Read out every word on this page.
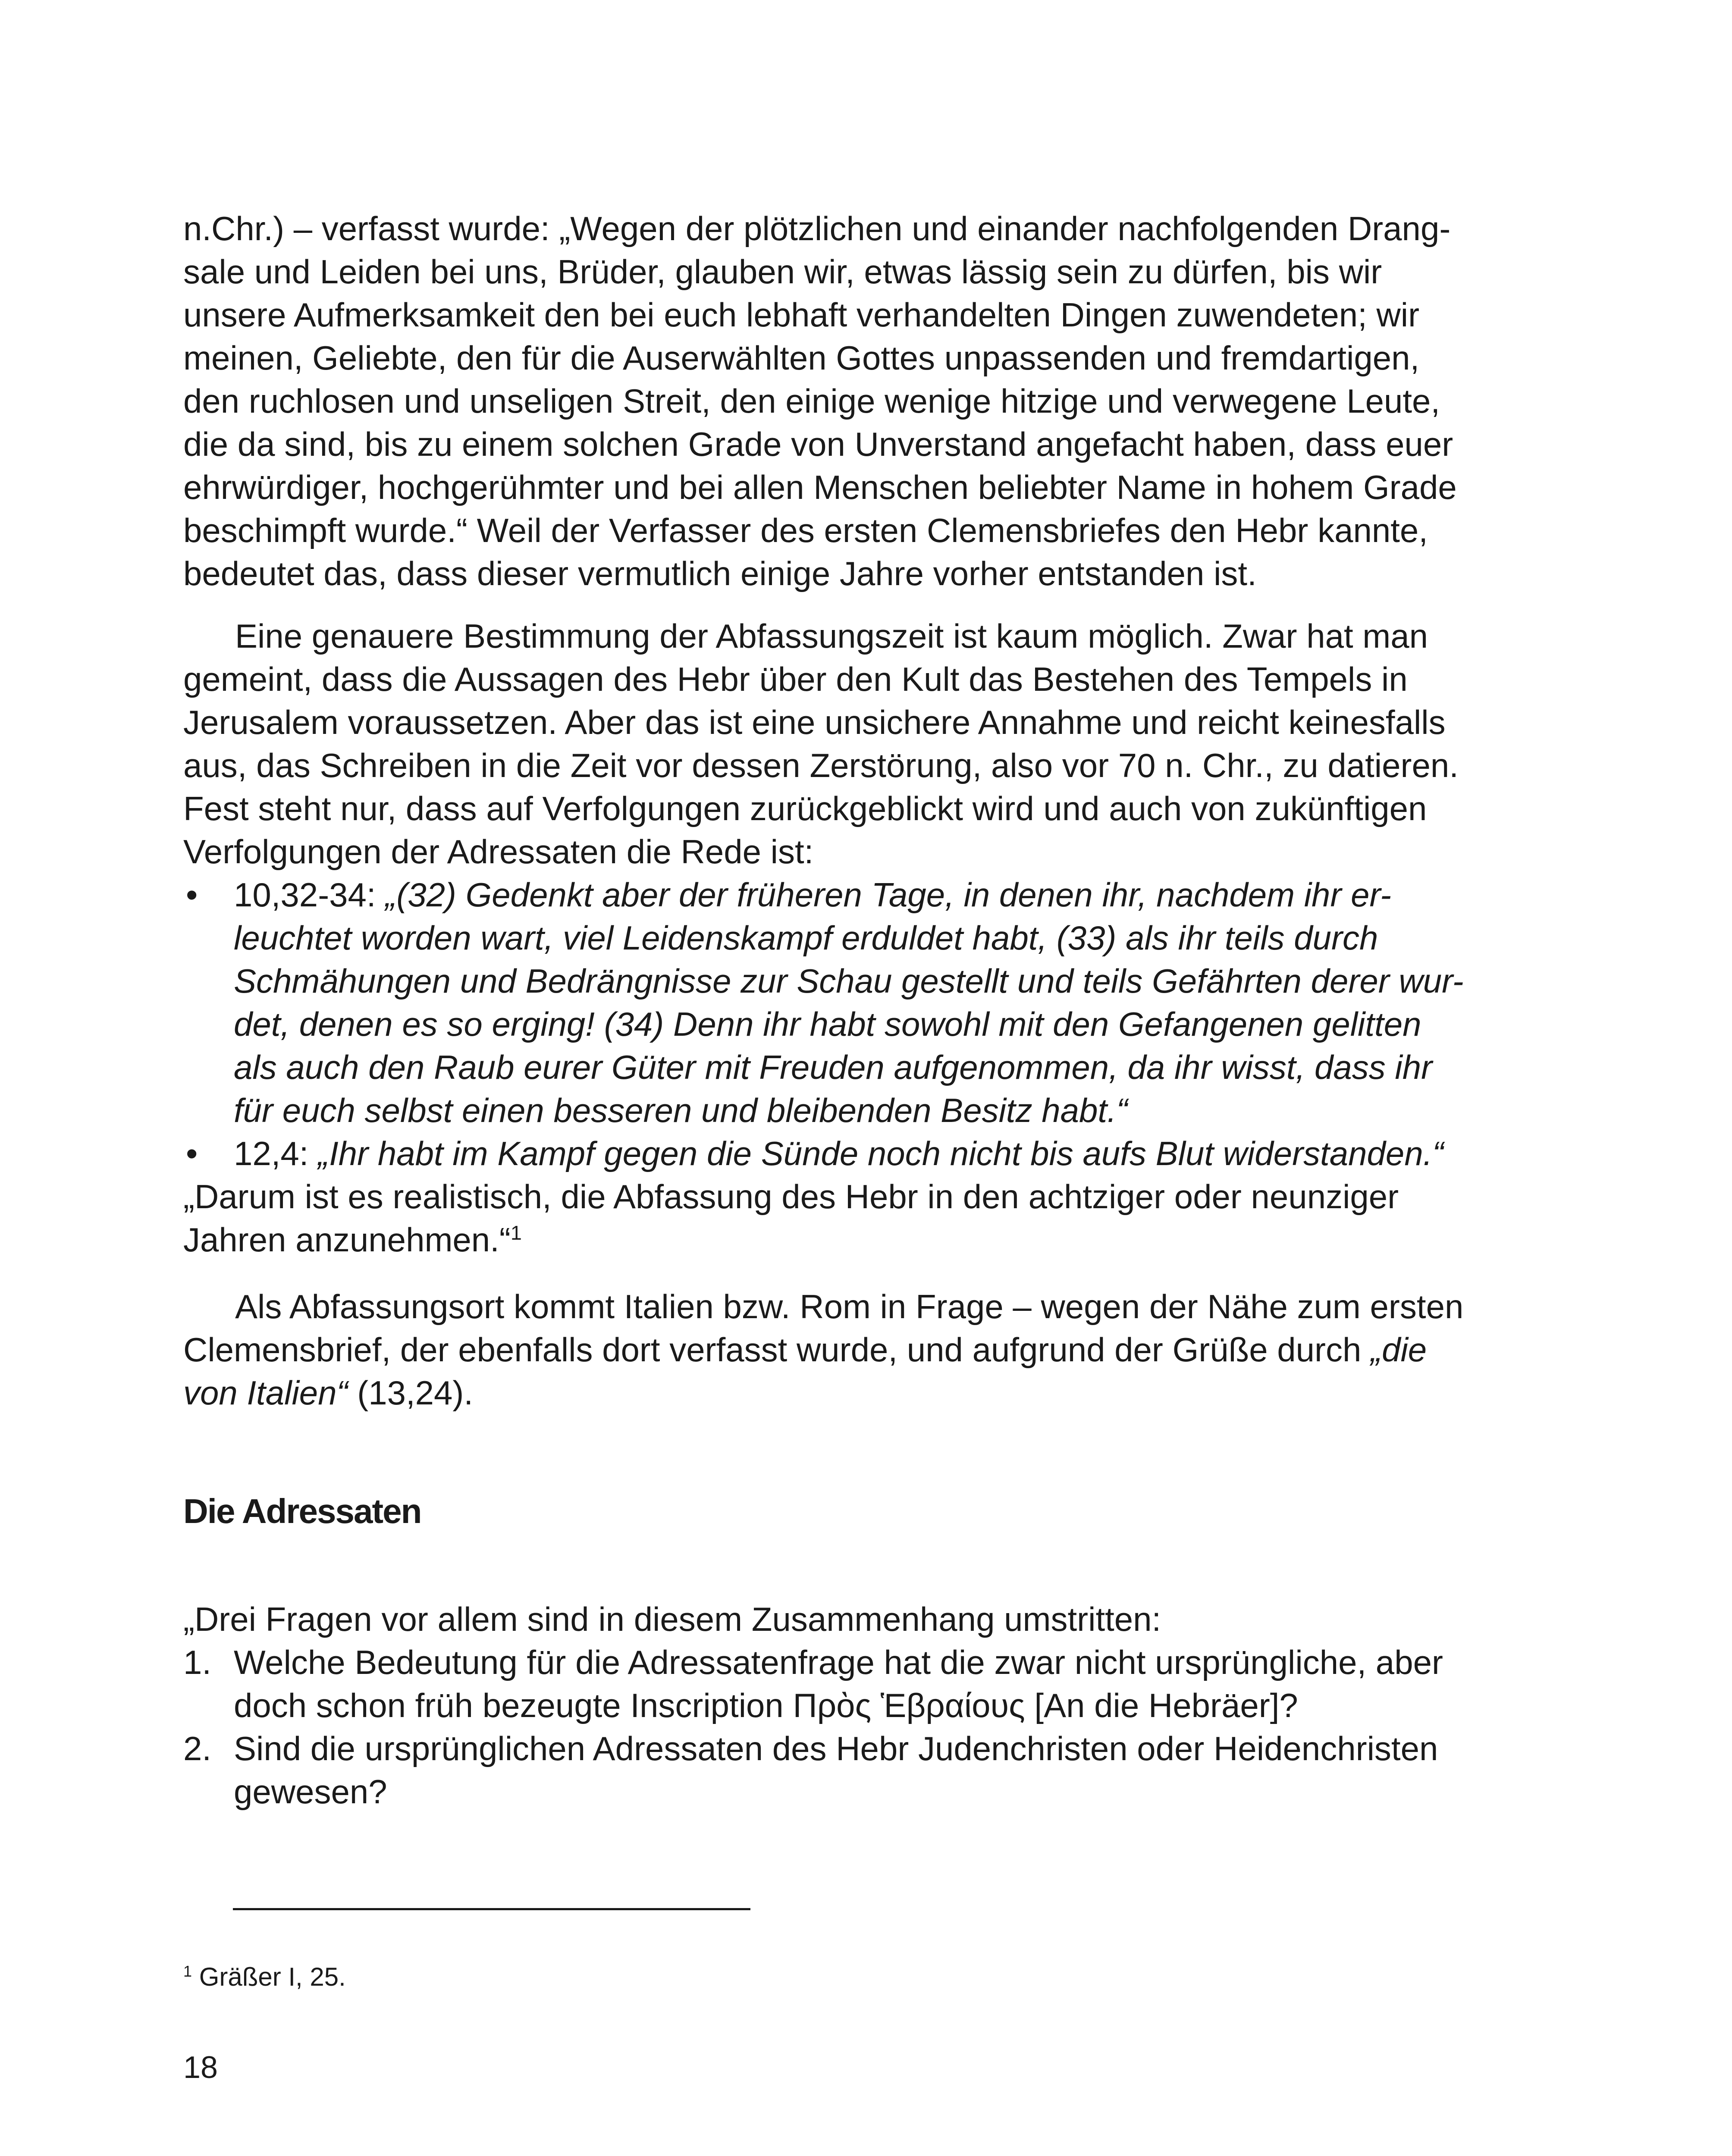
n.Chr.) – verfasst wurde: „Wegen der plötzlichen und einander nachfolgenden Drang-
sale und Leiden bei uns, Brüder, glauben wir, etwas lässig sein zu dürfen, bis wir
unsere Aufmerksamkeit den bei euch lebhaft verhandelten Dingen zuwendeten; wir
meinen, Geliebte, den für die Auserwählten Gottes unpassenden und fremdartigen,
den ruchlosen und unseligen Streit, den einige wenige hitzige und verwegene Leute,
die da sind, bis zu einem solchen Grade von Unverstand angefacht haben, dass euer
ehrwürdiger, hochgerühmter und bei allen Menschen beliebter Name in hohem Grade
beschimpft wurde.“ Weil der Verfasser des ersten Clemensbriefes den Hebr kannte,
bedeutet das, dass dieser vermutlich einige Jahre vorher entstanden ist.
Eine genauere Bestimmung der Abfassungszeit ist kaum möglich. Zwar hat man
gemeint, dass die Aussagen des Hebr über den Kult das Bestehen des Tempels in
Jerusalem voraussetzen. Aber das ist eine unsichere Annahme und reicht keinesfalls
aus, das Schreiben in die Zeit vor dessen Zerstörung, also vor 70 n. Chr., zu datieren.
Fest steht nur, dass auf Verfolgungen zurückgeblickt wird und auch von zukünftigen
Verfolgungen der Adressaten die Rede ist:
• 10,32-34: „(32) Gedenkt aber der früheren Tage, in denen ihr, nachdem ihr er-
leuchtet worden wart, viel Leidenskampf erduldet habt, (33) als ihr teils durch
Schmähungen und Bedrängnisse zur Schau gestellt und teils Gefährten derer wur-
det, denen es so erging! (34) Denn ihr habt sowohl mit den Gefangenen gelitten
als auch den Raub eurer Güter mit Freuden aufgenommen, da ihr wisst, dass ihr
für euch selbst einen besseren und bleibenden Besitz habt.“
• 12,4: „Ihr habt im Kampf gegen die Sünde noch nicht bis aufs Blut widerstanden.“
„Darum ist es realistisch, die Abfassung des Hebr in den achtziger oder neunziger
Jahren anzunehmen.“$^1$
Als Abfassungsort kommt Italien bzw. Rom in Frage – wegen der Nähe zum ersten
Clemensbrief, der ebenfalls dort verfasst wurde, und aufgrund der Grüße durch „die
von Italien“ (13,24).
Die Adressaten
„Drei Fragen vor allem sind in diesem Zusammenhang umstritten:
1. Welche Bedeutung für die Adressatenfrage hat die zwar nicht ursprüngliche, aber
doch schon früh bezeugte Inscription Πρὸς Ἑβραίους [An die Hebräer]?
2. Sind die ursprünglichen Adressaten des Hebr Judenchristen oder Heidenchristen
gewesen?
$^1$ Gräßer I, 25.
18
